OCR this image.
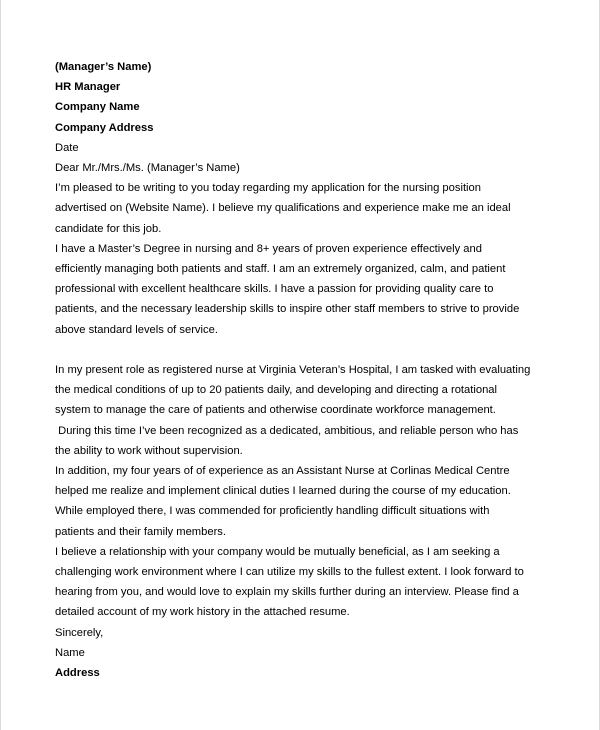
(Manager’s Name)
HR Manager
Company Name
Company Address
Date
Dear Mr./Mrs./Ms. (Manager’s Name)
I’m pleased to be writing to you today regarding my application for the nursing position
advertised on (Website Name). I believe my qualifications and experience make me an ideal
candidate for this job.
I have a Master’s Degree in nursing and 8+ years of proven experience effectively and
efficiently managing both patients and staff. I am an extremely organized, calm, and patient
professional with excellent healthcare skills. I have a passion for providing quality care to
patients, and the necessary leadership skills to inspire other staff members to strive to provide
above standard levels of service.
In my present role as registered nurse at Virginia Veteran’s Hospital, I am tasked with evaluating
the medical conditions of up to 20 patients daily, and developing and directing a rotational
system to manage the care of patients and otherwise coordinate workforce management.
During this time I’ve been recognized as a dedicated, ambitious, and reliable person who has
the ability to work without supervision.
In addition, my four years of of experience as an Assistant Nurse at Corlinas Medical Centre
helped me realize and implement clinical duties I learned during the course of my education.
While employed there, I was commended for proficiently handling difficult situations with
patients and their family members.
I believe a relationship with your company would be mutually beneficial, as I am seeking a
challenging work environment where I can utilize my skills to the fullest extent. I look forward to
hearing from you, and would love to explain my skills further during an interview. Please find a
detailed account of my work history in the attached resume.
Sincerely,
Name
Address
